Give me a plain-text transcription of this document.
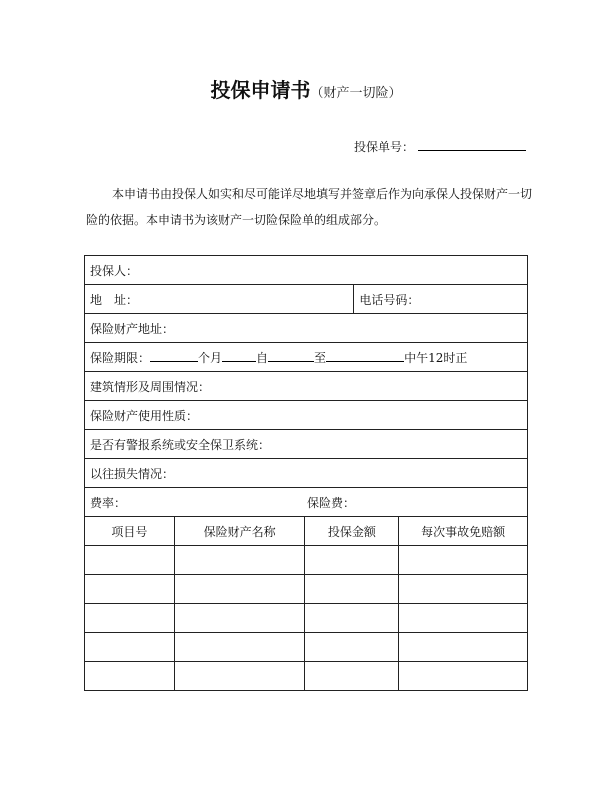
投保申请书（财产一切险）
投保单号：
本申请书由投保人如实和尽可能详尽地填写并签章后作为向承保人投保财产一切险的依据。本申请书为该财产一切险保险单的组成部分。
投保人：				
地　址：			电话号码：	
保险财产地址：				
保险期限： 个月 自 至 中午12时正				
建筑情形及周围情况：				
保险财产使用性质：				
是否有警报系统或安全保卫系统：				
以往损失情况：				
费率： 保险费：				

项目号	保险财产名称	投保金额		每次事故免赔额
